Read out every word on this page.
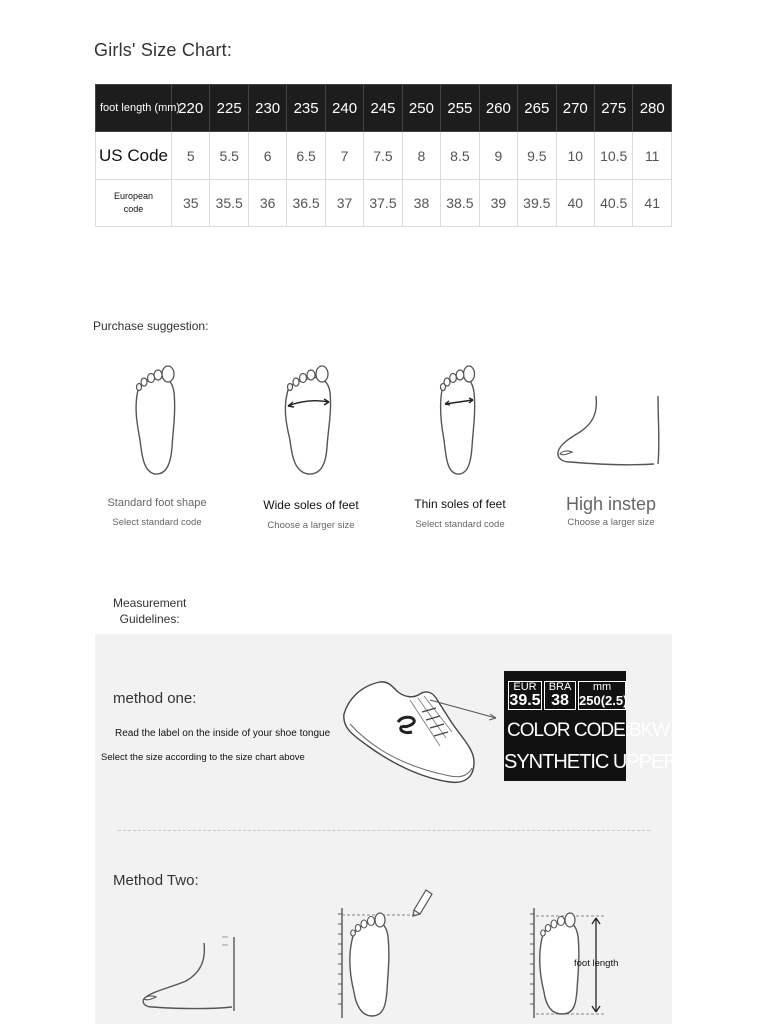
Girls' Size Chart:
foot length (mm)	220	225	230	235	240	245	250	255	260	265	270	275	280
US Code	5	5.5	6	6.5	7	7.5	8	8.5	9	9.5	10	10.5	11

European
code	35	35.5	36	36.5	37	37.5	38	38.5	39	39.5	40	40.5	41
Purchase suggestion:
Standard foot shape
Select standard code
Wide soles of feet
Choose a larger size
Thin soles of feet
Select standard code
High instep
Choose a larger size
Measurement
Guidelines:
method one:
Read the label on the inside of your shoe tongue
Select the size according to the size chart above
EUR
39.5
BRA
38
mm
250(2.5)
COLOR CODE:BKW
SYNTHETIC UPPER
Method Two:
foot length
